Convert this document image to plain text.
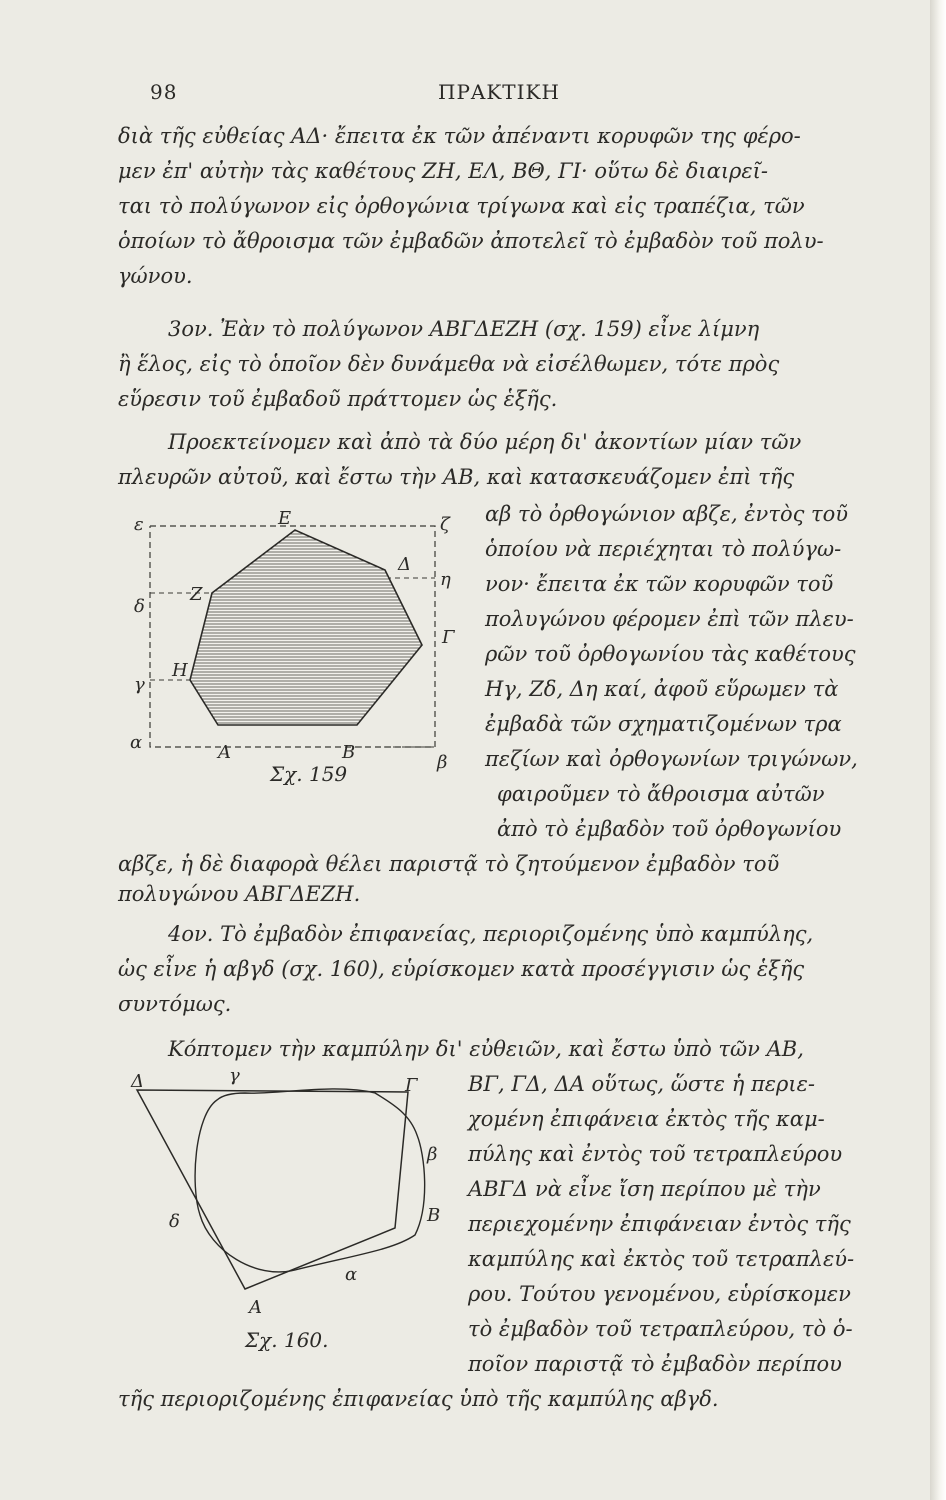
98	ΠΡΑΚΤΙΚΗ
διὰ τῆς εὐθείας ΑΔ· ἔπειτα ἐκ τῶν ἀπέναντι κορυφῶν της φέρο-
μεν ἐπ' αὐτὴν τὰς καθέτους ΖΗ, ΕΛ, ΒΘ, ΓΙ· οὕτω δὲ διαιρεῖ-
ται τὸ πολύγωνον εἰς ὀρθογώνια τρίγωνα καὶ εἰς τραπέζια, τῶν
ὁποίων τὸ ἄθροισμα τῶν ἐμβαδῶν ἀποτελεῖ τὸ ἐμβαδὸν τοῦ πολυ-
γώνου.
3ον. Ἐὰν τὸ πολύγωνον ΑΒΓΔΕΖΗ (σχ. 159) εἶνε λίμνη
ἢ ἕλος, εἰς τὸ ὁποῖον δὲν δυνάμεθα νὰ εἰσέλθωμεν, τότε πρὸς
εὕρεσιν τοῦ ἐμβαδοῦ πράττομεν ὡς ἑξῆς.
Προεκτείνομεν καὶ ἀπὸ τὰ δύο μέρη δι' ἀκοντίων μίαν τῶν
πλευρῶν αὐτοῦ, καὶ ἔστω τὴν ΑΒ, καὶ κατασκευάζομεν ἐπὶ τῆς
αβ τὸ ὀρθογώνιον αβζε, ἐντὸς τοῦ
ὁποίου νὰ περιέχηται τὸ πολύγω-
νον· ἔπειτα ἐκ τῶν κορυφῶν τοῦ
πολυγώνου φέρομεν ἐπὶ τῶν πλευ-
ρῶν τοῦ ὀρθογωνίου τὰς καθέτους
Ηγ, Ζδ, Δη καί, ἀφοῦ εὕρωμεν τὰ
ἐμβαδὰ τῶν σχηματιζομένων τρα
πεζίων καὶ ὀρθογωνίων τριγώνων,
φαιροῦμεν τὸ ἄθροισμα αὐτῶν
ἀπὸ τὸ ἐμβαδὸν τοῦ ὀρθογωνίου
αβζε, ἡ δὲ διαφορὰ θέλει παριστᾷ τὸ ζητούμενον ἐμβαδὸν τοῦ
πολυγώνου ΑΒΓΔΕΖΗ.
4ον. Τὸ ἐμβαδὸν ἐπιφανείας, περιοριζομένης ὑπὸ καμπύλης,
ὡς εἶνε ἡ αβγδ (σχ. 160), εὑρίσκομεν κατὰ προσέγγισιν ὡς ἑξῆς
συντόμως.
Κόπτομεν τὴν καμπύλην δι' εὐθειῶν, καὶ ἔστω ὑπὸ τῶν ΑΒ,
ΒΓ, ΓΔ, ΔΑ οὕτως, ὥστε ἡ περιε-
χομένη ἐπιφάνεια ἐκτὸς τῆς καμ-
πύλης καὶ ἐντὸς τοῦ τετραπλεύρου
ΑΒΓΔ νὰ εἶνε ἴση περίπου μὲ τὴν
περιεχομένην ἐπιφάνειαν ἐντὸς τῆς
καμπύλης καὶ ἐκτὸς τοῦ τετραπλεύ-
ρου. Τούτου γενομένου, εὑρίσκομεν
τὸ ἐμβαδὸν τοῦ τετραπλεύρου, τὸ ὁ-
ποῖον παριστᾷ τὸ ἐμβαδὸν περίπου
τῆς περιοριζομένης ἐπιφανείας ὑπὸ τῆς καμπύλης αβγδ.
ε	Ε	ζ
Δ
η
δ
Ζ
Γ
γ
Η
α	Α	Β	β
Σχ. 159
Δ	γ	Γ
β
δ	Β
α
Α
Σχ. 160.
